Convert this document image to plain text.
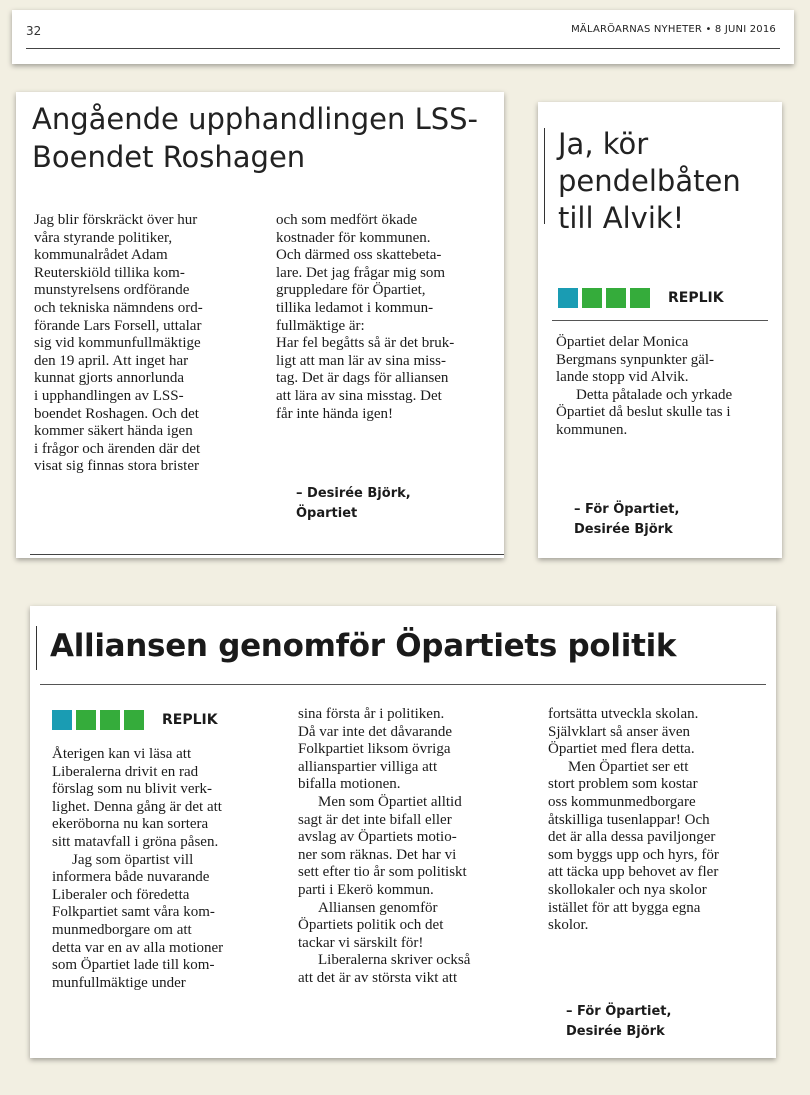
32	MÄLARÖARNAS NYHETER • 8 JUNI 2016
Angående upphandlingen LSS-Boendet Roshagen
Jag blir förskräckt över hur
våra styrande politiker,
kommunalrådet Adam
Reuterskiöld tillika kom-
munstyrelsens ordförande
och tekniska nämndens ord-
förande Lars Forsell, uttalar
sig vid kommunfullmäktige
den 19 april. Att inget har
kunnat gjorts annorlunda
i upphandlingen av LSS-
boendet Roshagen. Och det
kommer säkert hända igen
i frågor och ärenden där det
visat sig finnas stora brister
och som medfört ökade
kostnader för kommunen.
Och därmed oss skattebeta-
lare. Det jag frågar mig som
gruppledare för Öpartiet,
tillika ledamot i kommun-
fullmäktige är:
Har fel begåtts så är det bruk-
ligt att man lär av sina miss-
tag. Det är dags för alliansen
att lära av sina misstag. Det
får inte hända igen!
– Desirée Björk,
Öpartiet
Ja, kör pendelbåten till Alvik!
REPLIK
Öpartiet delar Monica
Bergmans synpunkter gäl-
lande stopp vid Alvik.
Detta påtalade och yrkade
Öpartiet då beslut skulle tas i
kommunen.
– För Öpartiet,
Desirée Björk
Alliansen genomför Öpartiets politik
REPLIK
Återigen kan vi läsa att
Liberalerna drivit en rad
förslag som nu blivit verk-
lighet. Denna gång är det att
ekeröborna nu kan sortera
sitt matavfall i gröna påsen.
Jag som öpartist vill
informera både nuvarande
Liberaler och föredetta
Folkpartiet samt våra kom-
munmedborgare om att
detta var en av alla motioner
som Öpartiet lade till kom-
munfullmäktige under
sina första år i politiken.
Då var inte det dåvarande
Folkpartiet liksom övriga
allianspartier villiga att
bifalla motionen.
Men som Öpartiet alltid
sagt är det inte bifall eller
avslag av Öpartiets motio-
ner som räknas. Det har vi
sett efter tio år som politiskt
parti i Ekerö kommun.
Alliansen genomför
Öpartiets politik och det
tackar vi särskilt för!
Liberalerna skriver också
att det är av största vikt att
fortsätta utveckla skolan.
Självklart så anser även
Öpartiet med flera detta.
Men Öpartiet ser ett
stort problem som kostar
oss kommunmedborgare
åtskilliga tusenlappar! Och
det är alla dessa paviljonger
som byggs upp och hyrs, för
att täcka upp behovet av fler
skollokaler och nya skolor
istället för att bygga egna
skolor.
– För Öpartiet,
Desirée Björk
